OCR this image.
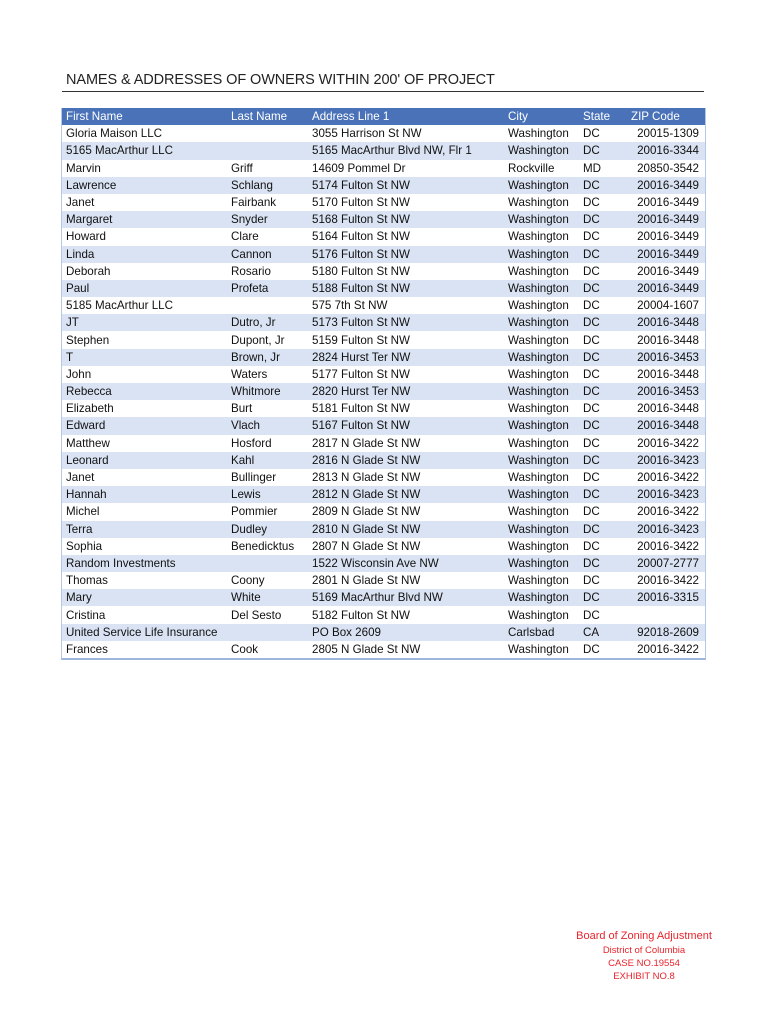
NAMES & ADDRESSES OF OWNERS WITHIN 200' OF PROJECT
First Name	Last Name	Address Line 1	City	State	ZIP Code
Gloria Maison LLC		3055 Harrison St NW	Washington	DC	20015-1309
5165 MacArthur LLC		5165 MacArthur Blvd NW, Flr 1	Washington	DC	20016-3344
Marvin	Griff	14609 Pommel Dr	Rockville	MD	20850-3542
Lawrence	Schlang	5174 Fulton St NW	Washington	DC	20016-3449
Janet	Fairbank	5170 Fulton St NW	Washington	DC	20016-3449
Margaret	Snyder	5168 Fulton St NW	Washington	DC	20016-3449
Howard	Clare	5164 Fulton St NW	Washington	DC	20016-3449
Linda	Cannon	5176 Fulton St NW	Washington	DC	20016-3449
Deborah	Rosario	5180 Fulton St NW	Washington	DC	20016-3449
Paul	Profeta	5188 Fulton St NW	Washington	DC	20016-3449
5185 MacArthur LLC		575 7th St NW	Washington	DC	20004-1607
JT	Dutro, Jr	5173 Fulton St NW	Washington	DC	20016-3448
Stephen	Dupont, Jr	5159 Fulton St NW	Washington	DC	20016-3448
T	Brown, Jr	2824 Hurst Ter NW	Washington	DC	20016-3453
John	Waters	5177 Fulton St NW	Washington	DC	20016-3448
Rebecca	Whitmore	2820 Hurst Ter NW	Washington	DC	20016-3453
Elizabeth	Burt	5181 Fulton St NW	Washington	DC	20016-3448
Edward	Vlach	5167 Fulton St NW	Washington	DC	20016-3448
Matthew	Hosford	2817 N Glade St NW	Washington	DC	20016-3422
Leonard	Kahl	2816 N Glade St NW	Washington	DC	20016-3423
Janet	Bullinger	2813 N Glade St NW	Washington	DC	20016-3422
Hannah	Lewis	2812 N Glade St NW	Washington	DC	20016-3423
Michel	Pommier	2809 N Glade St NW	Washington	DC	20016-3422
Terra	Dudley	2810 N Glade St NW	Washington	DC	20016-3423
Sophia	Benedicktus	2807 N Glade St NW	Washington	DC	20016-3422
Random Investments		1522 Wisconsin Ave NW	Washington	DC	20007-2777
Thomas	Coony	2801 N Glade St NW	Washington	DC	20016-3422
Mary	White	5169 MacArthur Blvd NW	Washington	DC	20016-3315
Cristina	Del Sesto	5182 Fulton St NW	Washington	DC	
United Service Life Insurance		PO Box 2609	Carlsbad	CA	92018-2609
Frances	Cook	2805 N Glade St NW	Washington	DC	20016-3422
Board of Zoning Adjustment
District of Columbia
CASE NO.19554
EXHIBIT NO.8
